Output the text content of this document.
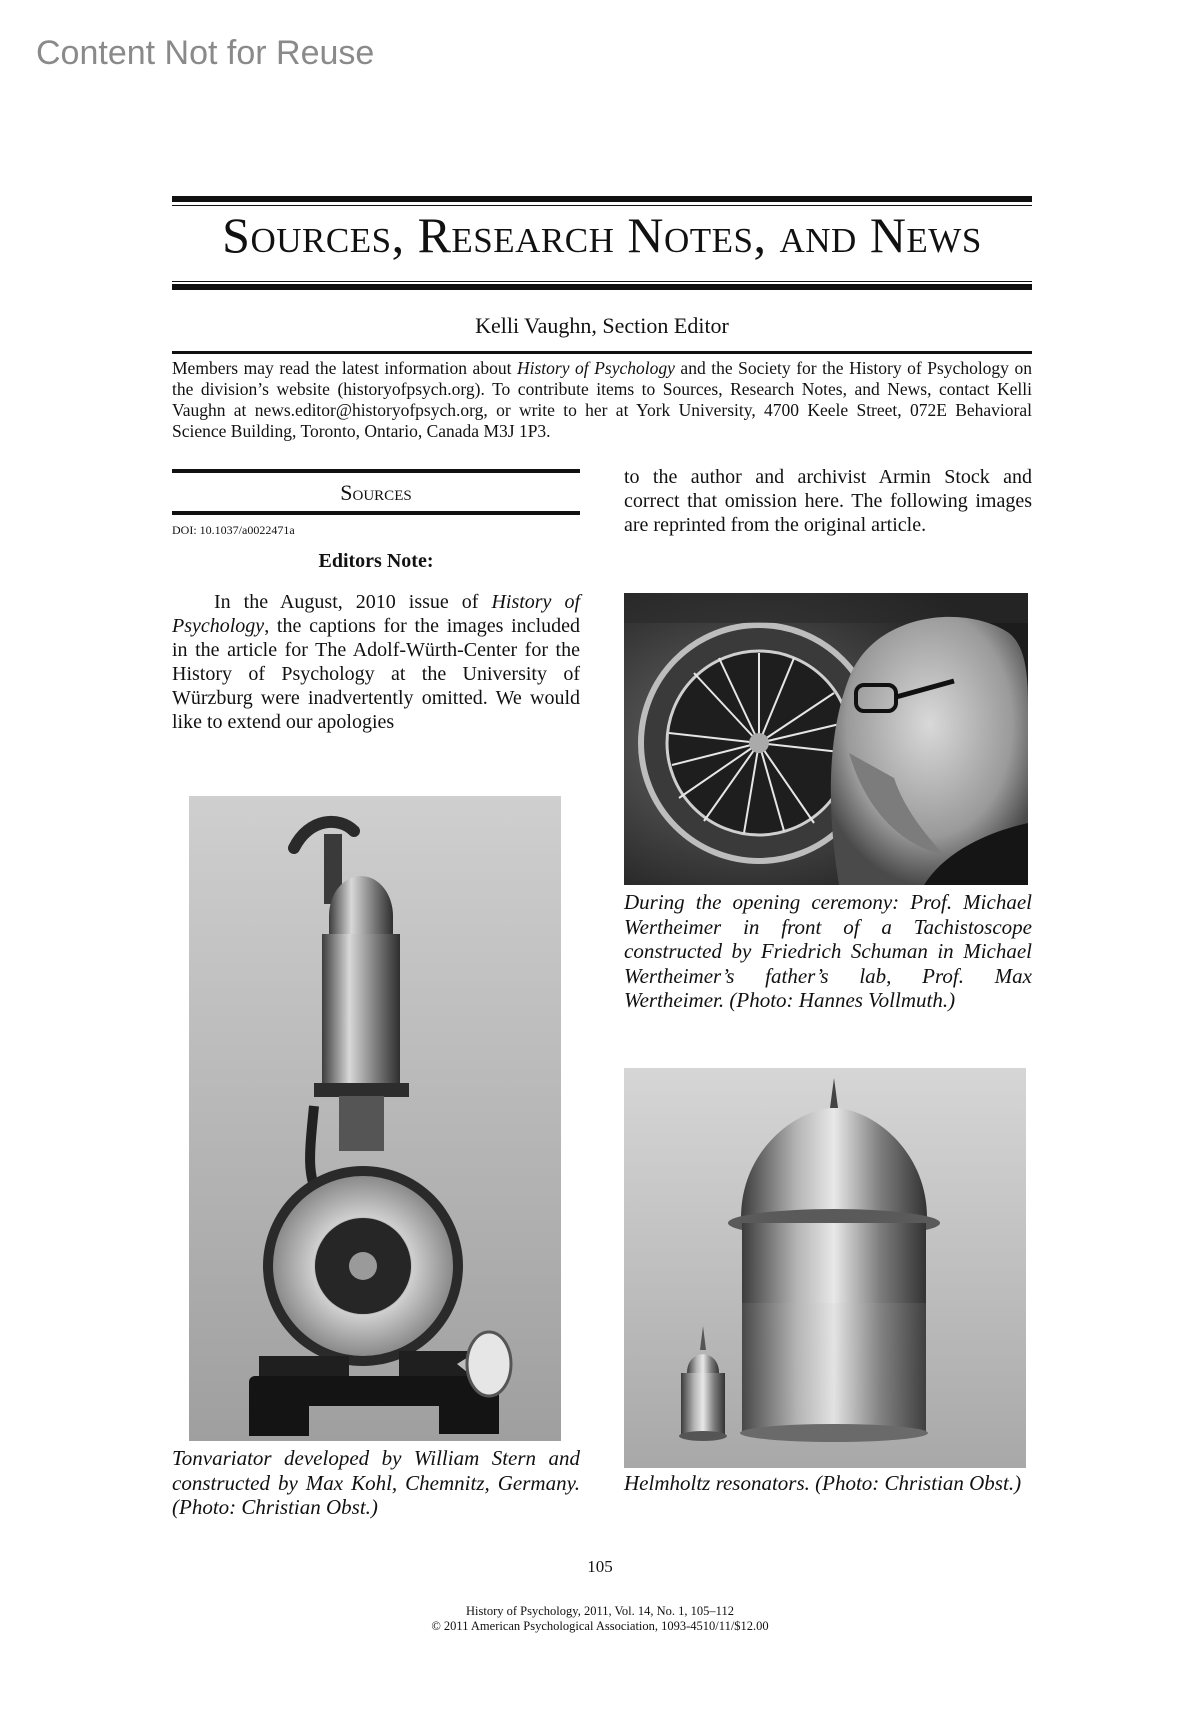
Content Not for Reuse
Sources, Research Notes, and News
Kelli Vaughn, Section Editor
Members may read the latest information about History of Psychology and the Society for the History of Psychology on the division’s website (historyofpsych.org). To contribute items to Sources, Research Notes, and News, contact Kelli Vaughn at news.editor@historyofpsych.org, or write to her at York University, 4700 Keele Street, 072E Behavioral Science Building, Toronto, Ontario, Canada M3J 1P3.
Sources
DOI: 10.1037/a0022471a
Editors Note:
In the August, 2010 issue of History of Psychology, the captions for the images included in the article for The Adolf-Würth-Center for the History of Psychology at the University of Würzburg were inadvertently omitted. We would like to extend our apologies
to the author and archivist Armin Stock and correct that omission here. The following images are reprinted from the original article.
During the opening ceremony: Prof. Michael Wertheimer in front of a Tachistoscope constructed by Friedrich Schuman in Michael Wertheimer’s father’s lab, Prof. Max Wertheimer. (Photo: Hannes Vollmuth.)
Tonvariator developed by William Stern and constructed by Max Kohl, Chemnitz, Germany. (Photo: Christian Obst.)
Helmholtz resonators. (Photo: Christian Obst.)
105
History of Psychology, 2011, Vol. 14, No. 1, 105–112
© 2011 American Psychological Association, 1093-4510/11/$12.00
